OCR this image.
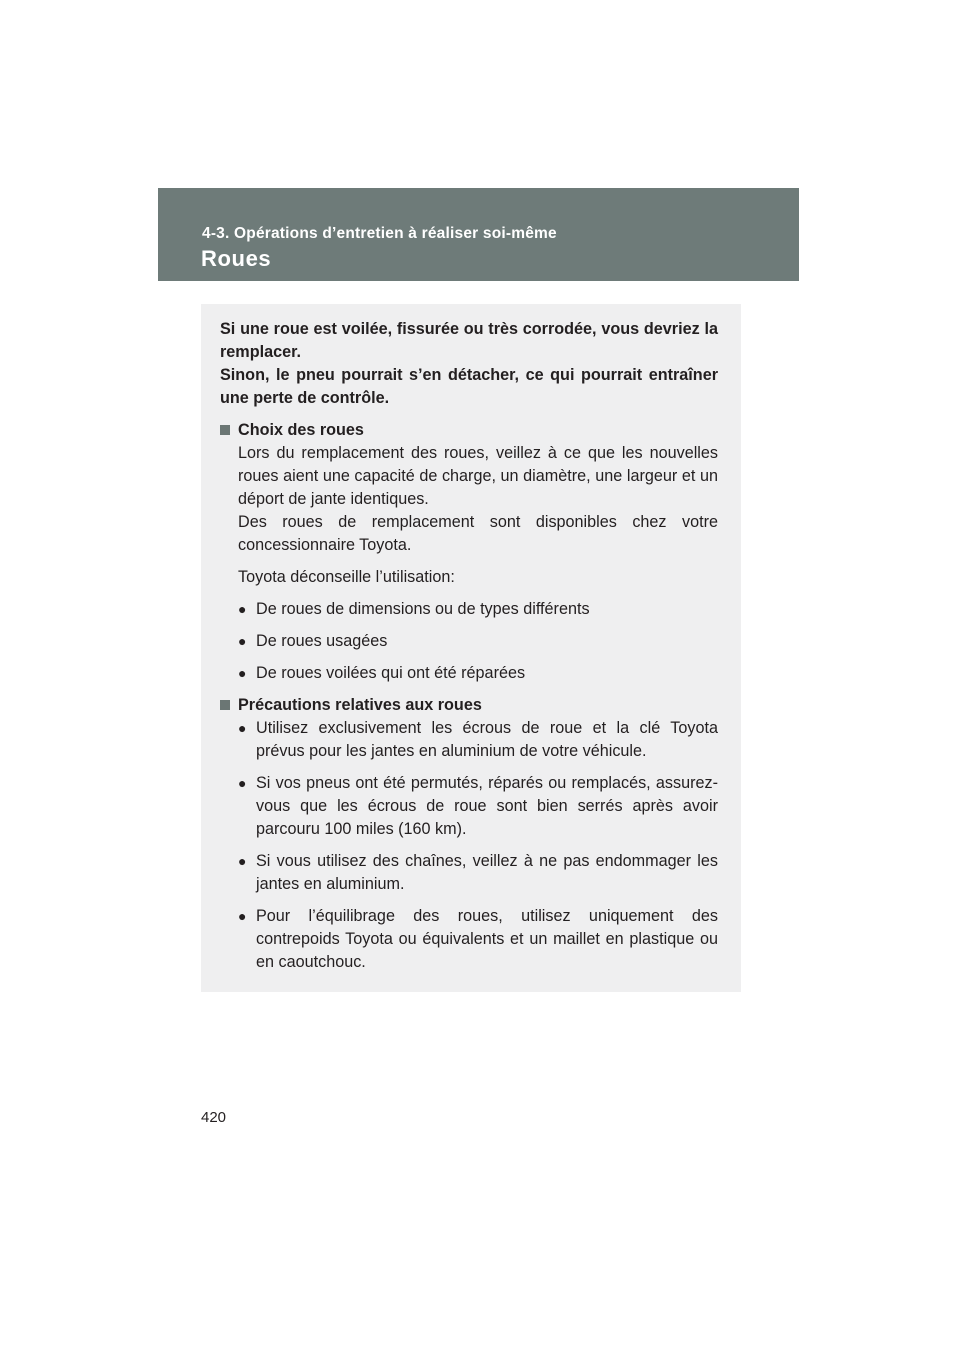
4-3. Opérations d’entretien à réaliser soi-même
Roues

Si une roue est voilée, fissurée ou très corrodée, vous devriez la remplacer.

Sinon, le pneu pourrait s’en détacher, ce qui pourrait entraîner une perte de contrôle.

Choix des roues

Lors du remplacement des roues, veillez à ce que les nouvelles roues aient une capacité de charge, un diamètre, une largeur et un déport de jante identiques.

Des roues de remplacement sont disponibles chez votre concessionnaire Toyota.

Toyota déconseille l’utilisation:

● De roues de dimensions ou de types différents
● De roues usagées
● De roues voilées qui ont été réparées
Précautions relatives aux roues
● Utilisez exclusivement les écrous de roue et la clé Toyota prévus pour les jantes en aluminium de votre véhicule.
● Si vos pneus ont été permutés, réparés ou remplacés, assurez-vous que les écrous de roue sont bien serrés après avoir parcouru 100 miles (160 km).
● Si vous utilisez des chaînes, veillez à ne pas endommager les jantes en aluminium.
● Pour l’équilibrage des roues, utilisez uniquement des contrepoids Toyota ou équivalents et un maillet en plastique ou en caoutchouc.
420
